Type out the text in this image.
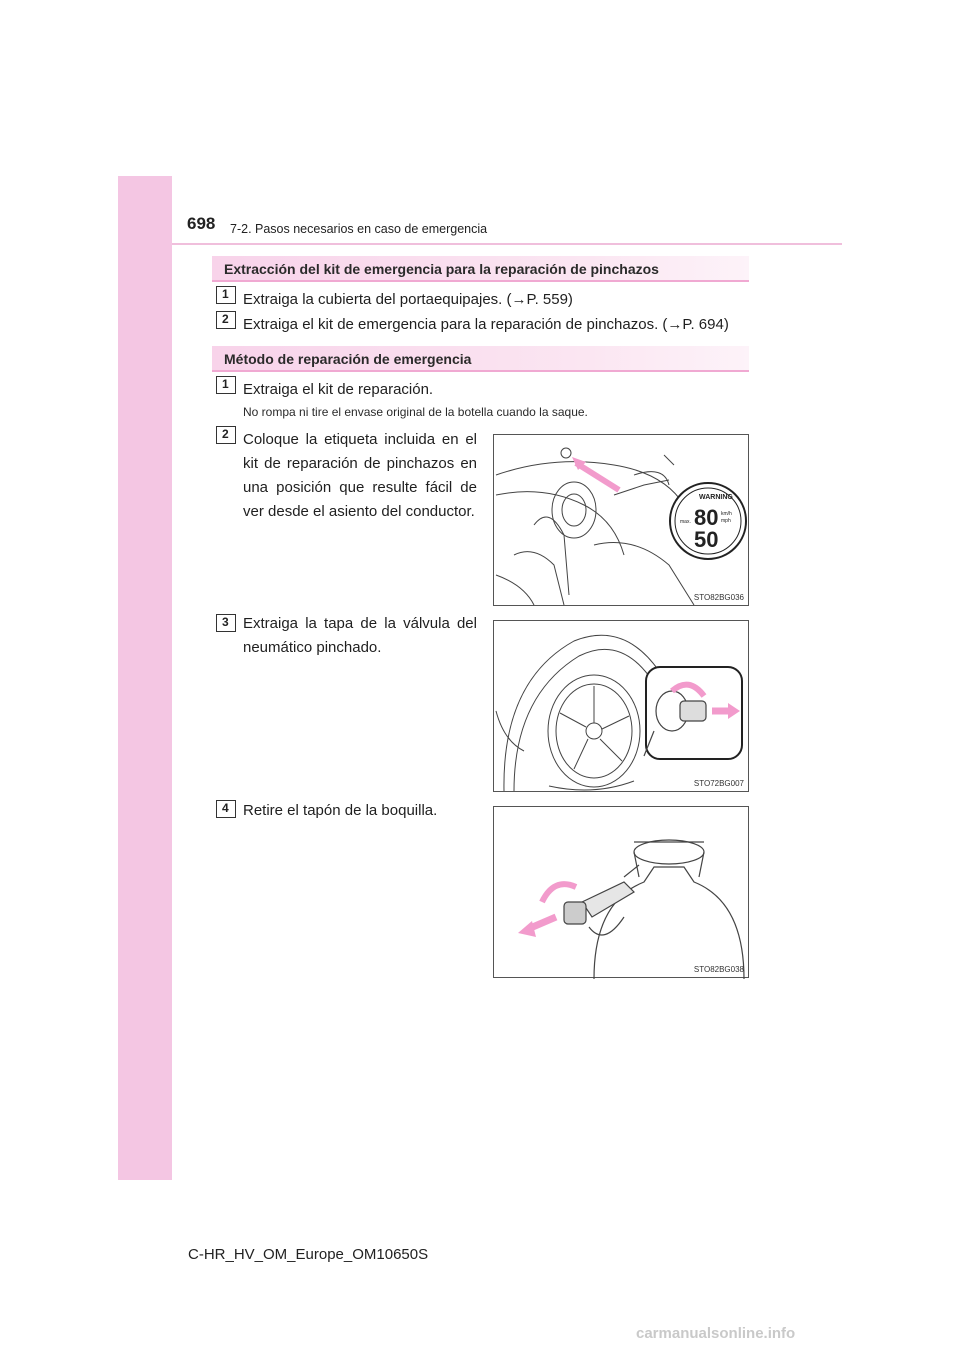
698 7-2. Pasos necesarios en caso de emergencia
Extracción del kit de emergencia para la reparación de pinchazos
1 Extraiga la cubierta del portaequipajes. (→P. 559)
2 Extraiga el kit de emergencia para la reparación de pinchazos. (→P. 694)
Método de reparación de emergencia
1 Extraiga el kit de reparación.
No rompa ni tire el envase original de la botella cuando la saque.
2 Coloque la etiqueta incluida en el kit de reparación de pinchazos en una posición que resulte fácil de ver desde el asiento del conductor.
WARNING
80
50
km/h
mph
max.
STO82BG036
3 Extraiga la tapa de la válvula del neumático pinchado.
STO72BG007
4 Retire el tapón de la boquilla.
STO82BG038
C-HR_HV_OM_Europe_OM10650S
carmanualsonline.info
